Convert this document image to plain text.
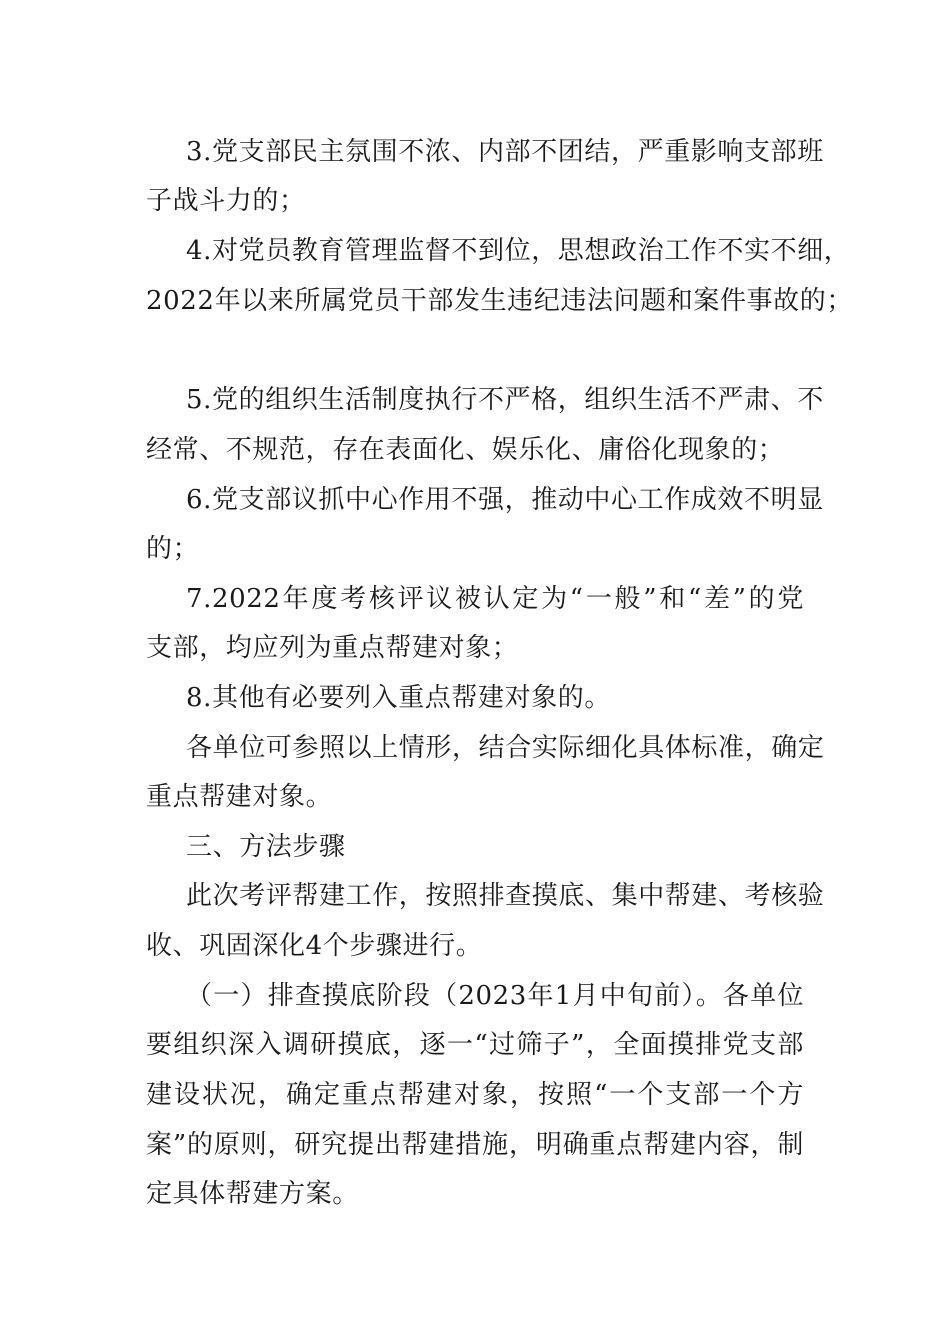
3.党支部民主氛围不浓、内部不团结，严重影响支部班
子战斗力的；
4.对党员教育管理监督不到位，思想政治工作不实不细，
2022年以来所属党员干部发生违纪违法问题和案件事故的；
5.党的组织生活制度执行不严格，组织生活不严肃、不
经常、不规范，存在表面化、娱乐化、庸俗化现象的；
6.党支部议抓中心作用不强，推动中心工作成效不明显
的；
7.2022年度考核评议被认定为“一般”和“差”的党
支部，均应列为重点帮建对象；
8.其他有必要列入重点帮建对象的。
各单位可参照以上情形，结合实际细化具体标准，确定
重点帮建对象。
三、方法步骤
此次考评帮建工作，按照排查摸底、集中帮建、考核验
收、巩固深化4个步骤进行。
（一）排查摸底阶段（2023年1月中旬前）。各单位
要组织深入调研摸底，逐一“过筛子”，全面摸排党支部
建设状况，确定重点帮建对象，按照“一个支部一个方
案”的原则，研究提出帮建措施，明确重点帮建内容，制
定具体帮建方案。
